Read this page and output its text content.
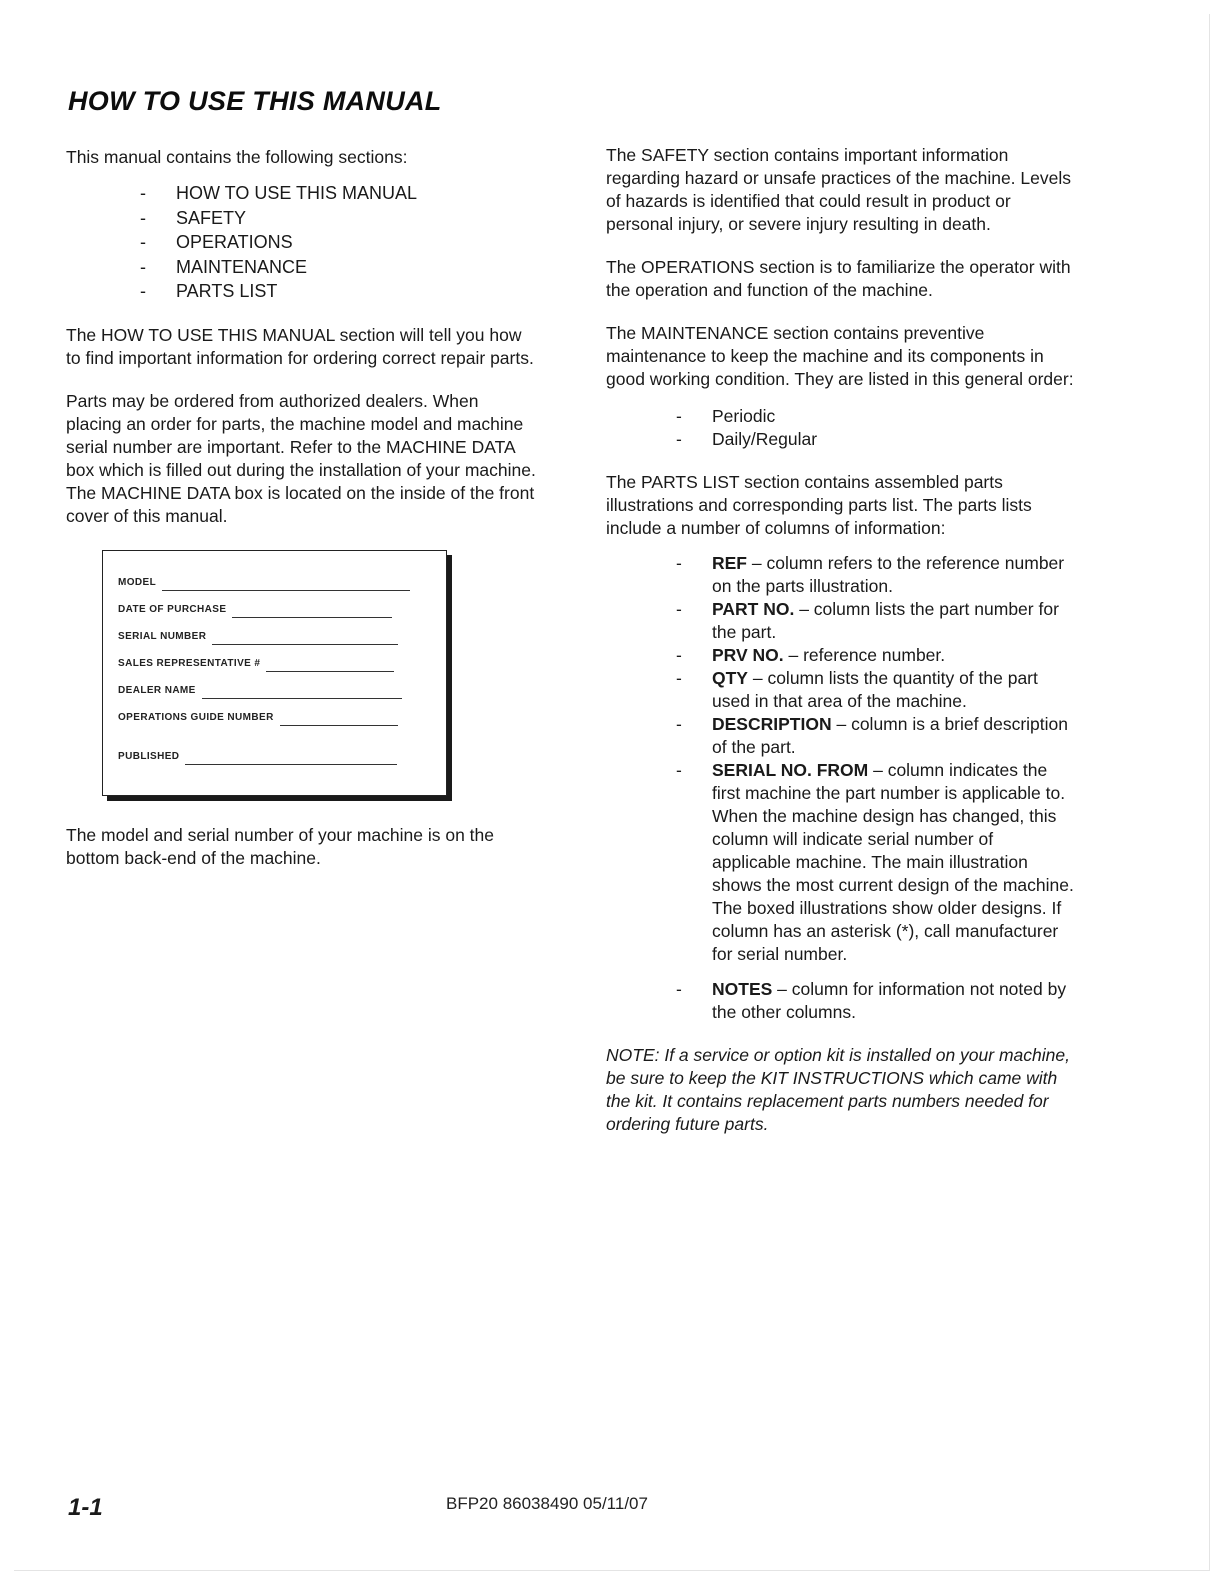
HOW TO USE THIS MANUAL

This manual contains the following sections:

- HOW TO USE THIS MANUAL
- SAFETY
- OPERATIONS
- MAINTENANCE
- PARTS LIST

The HOW TO USE THIS MANUAL section will tell you how to find important information for ordering correct repair parts.

Parts may be ordered from authorized dealers. When placing an order for parts, the machine model and machine serial number are important. Refer to the MACHINE DATA box which is filled out during the installation of your machine. The MACHINE DATA box is located on the inside of the front cover of this manual.

MODEL
DATE OF PURCHASE
SERIAL NUMBER
SALES REPRESENTATIVE #
DEALER NAME
OPERATIONS GUIDE NUMBER
PUBLISHED

The model and serial number of your machine is on the bottom back-end of the machine.

The SAFETY section contains important information regarding hazard or unsafe practices of the machine. Levels of hazards is identified that could result in product or personal injury, or severe injury resulting in death.

The OPERATIONS section is to familiarize the operator with the operation and function of the machine.

The MAINTENANCE section contains preventive maintenance to keep the machine and its components in good working condition. They are listed in this general order:

- Periodic
- Daily/Regular

The PARTS LIST section contains assembled parts illustrations and corresponding parts list. The parts lists include a number of columns of information:

- REF – column refers to the reference number on the parts illustration.
- PART NO. – column lists the part number for the part.
- PRV NO. – reference number.
- QTY – column lists the quantity of the part used in that area of the machine.
- DESCRIPTION – column is a brief description of the part.
- SERIAL NO. FROM – column indicates the first machine the part number is applicable to. When the machine design has changed, this column will indicate serial number of applicable machine. The main illustration shows the most current design of the machine. The boxed illustrations show older designs. If column has an asterisk (*), call manufacturer for serial number.
- NOTES – column for information not noted by the other columns.

NOTE: If a service or option kit is installed on your machine, be sure to keep the KIT INSTRUCTIONS which came with the kit. It contains replacement parts numbers needed for ordering future parts.

1-1	BFP20 86038490 05/11/07
